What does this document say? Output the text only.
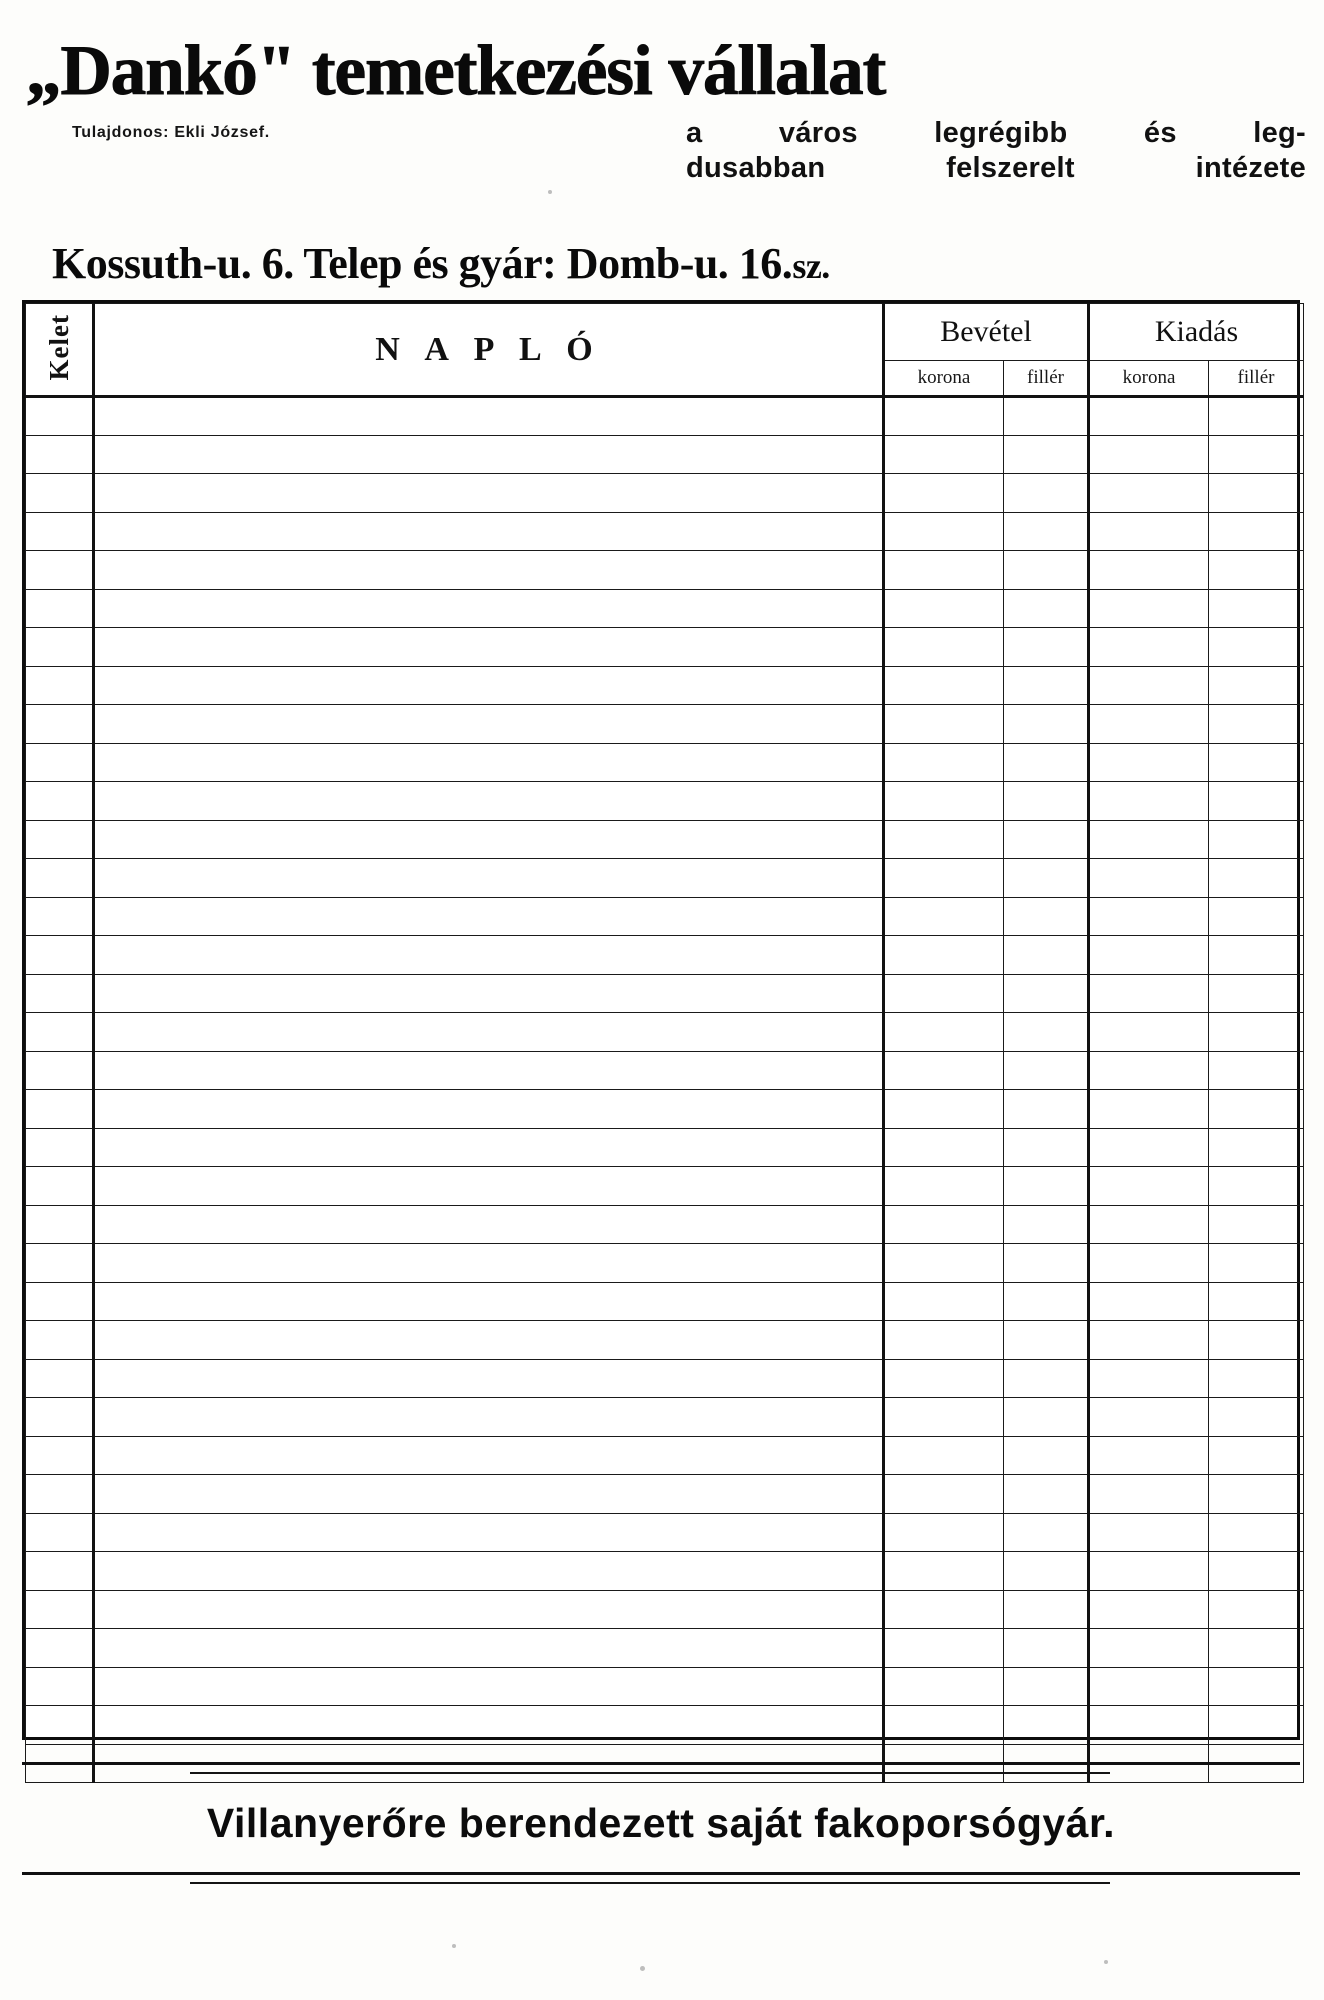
„Dankó" temetkezési vállalat
Tulajdonos: Ekli József.	a város legrégibb és leg-
dusabban felszerelt intézete
Kossuth-u. 6. Telep és gyár: Domb-u. 16.sz.
Kelet	N A P L Ó	Bevétel		Kiadás	
		korona	fillér	korona	fillér

Villanyerőre berendezett saját fakoporsógyár.
